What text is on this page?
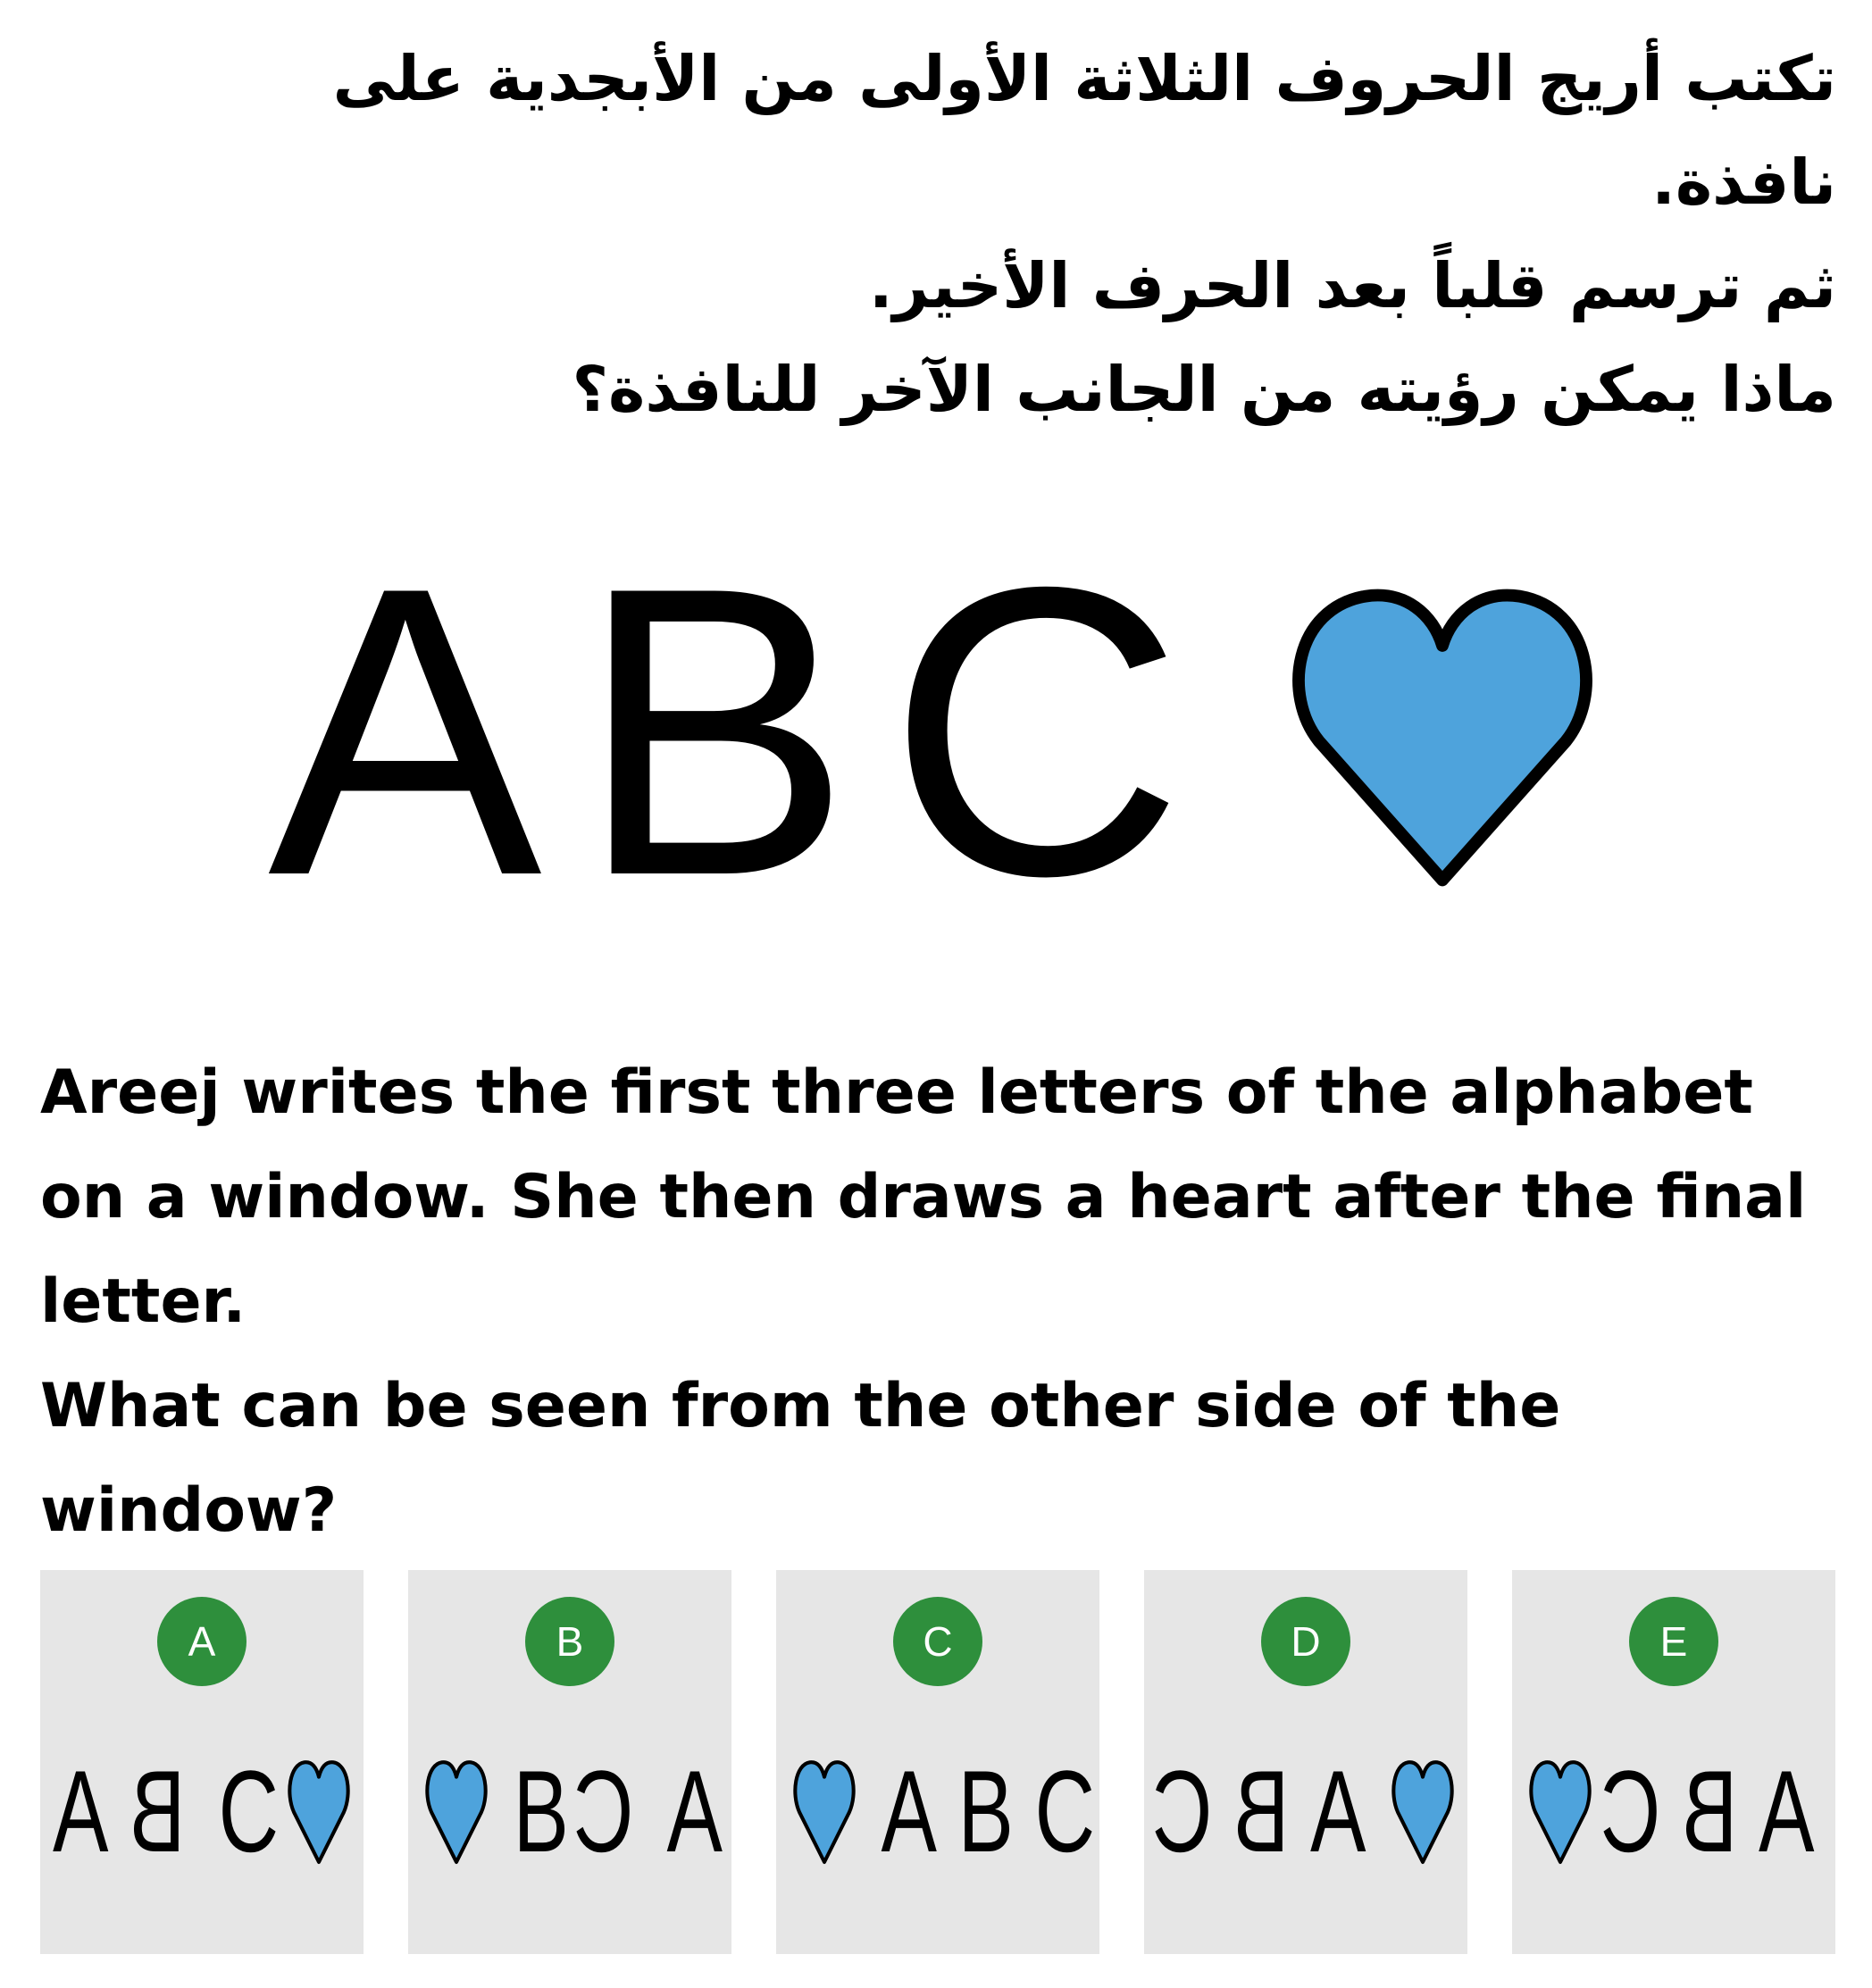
تكتب أريج الحروف الثلاثة الأولى من الأبجدية على
نافذة.
ثم ترسم قلباً بعد الحرف الأخير.
ماذا يمكن رؤيته من الجانب الآخر للنافذة؟
ABC
Areej writes the first three letters of the alphabet
on a window. She then draws a heart after the final
letter.
What can be seen from the other side of the
window?
A
A B C
B
B C A
C
A B C
D
C B A
E
C B A
